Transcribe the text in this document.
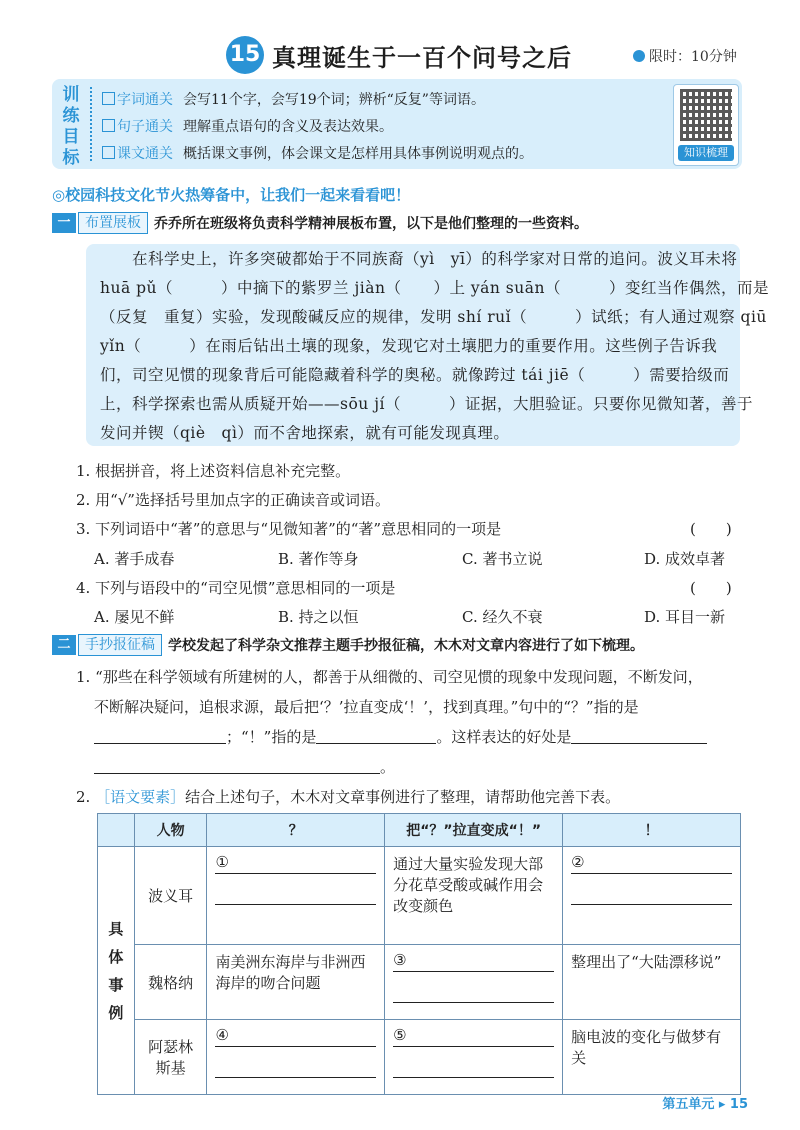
15 真理诞生于一百个问号之后	限时：10分钟
训
练
目
标
字词通关 会写11个字，会写19个词；辨析“反复”等词语。
句子通关 理解重点语句的含义及表达效果。
课文通关 概括课文事例，体会课文是怎样用具体事例说明观点的。	知识梳理
◎校园科技文化节火热筹备中，让我们一起来看看吧！
一 布置展板 乔乔所在班级将负责科学精神展板布置，以下是他们整理的一些资料。
　　在科学史上，许多突破都始于不同族裔（yì　yī）的科学家对日常的追问。波义耳未将
huā pǔ（　　　）中摘下的紫罗兰 jiàn（　　）上 yán suān（　　　）变红当作偶然，而是
（反复　重复）实验，发现酸碱反应的规律，发明 shí ruǐ（　　　）试纸；有人通过观察 qiū
yǐn（　　　）在雨后钻出土壤的现象，发现它对土壤肥力的重要作用。这些例子告诉我
们，司空见惯的现象背后可能隐藏着科学的奥秘。就像跨过 tái jiē（　　　）需要拾级而
上，科学探索也需从质疑开始——sōu jí（　　　）证据，大胆验证。只要你见微知著，善于
发问并锲（qiè　qì）而不舍地探索，就有可能发现真理。
1. 根据拼音，将上述资料信息补充完整。
2. 用“√”选择括号里加点字的正确读音或词语。
3. 下列词语中“著”的意思与“见微知著”的“著”意思相同的一项是	(　　)
A. 著手成春	B. 著作等身	C. 著书立说	D. 成效卓著
4. 下列与语段中的“司空见惯”意思相同的一项是	(　　)
A. 屡见不鲜	B. 持之以恒	C. 经久不衰	D. 耳目一新
二 手抄报征稿 学校发起了科学杂文推荐主题手抄报征稿，木木对文章内容进行了如下梳理。
1. “那些在科学领域有所建树的人，都善于从细微的、司空见惯的现象中发现问题，不断发问，
不断解决疑问，追根求源，最后把‘？’拉直变成‘！’，找到真理。”句中的“？”指的是
；“！”指的是	。这样表达的好处是
。
2. ［语文要素］结合上述句子，木木对文章事例进行了整理，请帮助他完善下表。
	人物	？	把“？”拉直变成“！”	！

具
体
事
例	波义耳	①	通过大量实验发现大部分花草受酸或碱作用会改变颜色	②

	魏格纳	南美洲东海岸与非洲西海岸的吻合问题	③	整理出了“大陆漂移说”
	阿瑟林斯基	④	⑤	脑电波的变化与做梦有关
第五单元 ▸ 15
